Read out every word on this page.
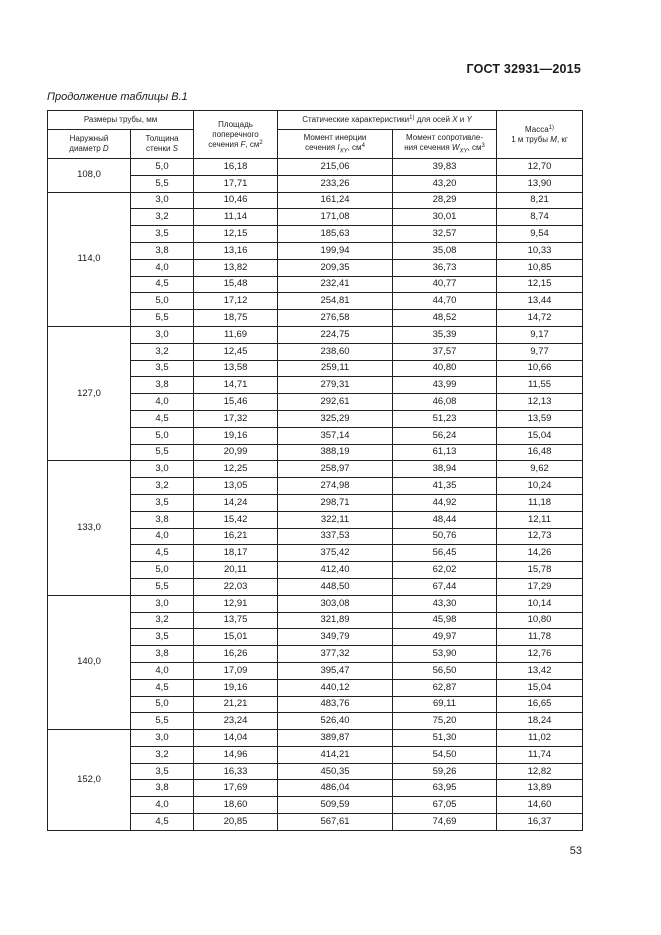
ГОСТ 32931—2015
Продолжение таблицы В.1
Размеры трубы, мм		Площадь
поперечного
сечения F, $см^2$	Статические характеристики$^{1)}$ для осей X и Y		Масса$^{1)}$
1 м трубы M, кг
Наружный
диаметр D	Толщина
стенки S		Момент инерции
сечения $I_{XY}$, $см^4$	Момент сопротивле-
ния сечения $W_{XY}$, $см^3$
108,0	5,0	16,18	215,06	39,83	12,70
	5,5	17,71	233,26	43,20	13,90
114,0	3,0	10,46	161,24	28,29	8,21
	3,2	11,14	171,08	30,01	8,74
	3,5	12,15	185,63	32,57	9,54
	3,8	13,16	199,94	35,08	10,33
	4,0	13,82	209,35	36,73	10,85
	4,5	15,48	232,41	40,77	12,15
	5,0	17,12	254,81	44,70	13,44
	5,5	18,75	276,58	48,52	14,72
127,0	3,0	11,69	224,75	35,39	9,17
	3,2	12,45	238,60	37,57	9,77
	3,5	13,58	259,11	40,80	10,66
	3,8	14,71	279,31	43,99	11,55
	4,0	15,46	292,61	46,08	12,13
	4,5	17,32	325,29	51,23	13,59
	5,0	19,16	357,14	56,24	15,04
	5,5	20,99	388,19	61,13	16,48
133,0	3,0	12,25	258,97	38,94	9,62
	3,2	13,05	274,98	41,35	10,24
	3,5	14,24	298,71	44,92	11,18
	3,8	15,42	322,11	48,44	12,11
	4,0	16,21	337,53	50,76	12,73
	4,5	18,17	375,42	56,45	14,26
	5,0	20,11	412,40	62,02	15,78
	5,5	22,03	448,50	67,44	17,29
140,0	3,0	12,91	303,08	43,30	10,14
	3,2	13,75	321,89	45,98	10,80
	3,5	15,01	349,79	49,97	11,78
	3,8	16,26	377,32	53,90	12,76
	4,0	17,09	395,47	56,50	13,42
	4,5	19,16	440,12	62,87	15,04
	5,0	21,21	483,76	69,11	16,65
	5,5	23,24	526,40	75,20	18,24
152,0	3,0	14,04	389,87	51,30	11,02
	3,2	14,96	414,21	54,50	11,74
	3,5	16,33	450,35	59,26	12,82
	3,8	17,69	486,04	63,95	13,89
	4,0	18,60	509,59	67,05	14,60
	4,5	20,85	567,61	74,69	16,37
53
